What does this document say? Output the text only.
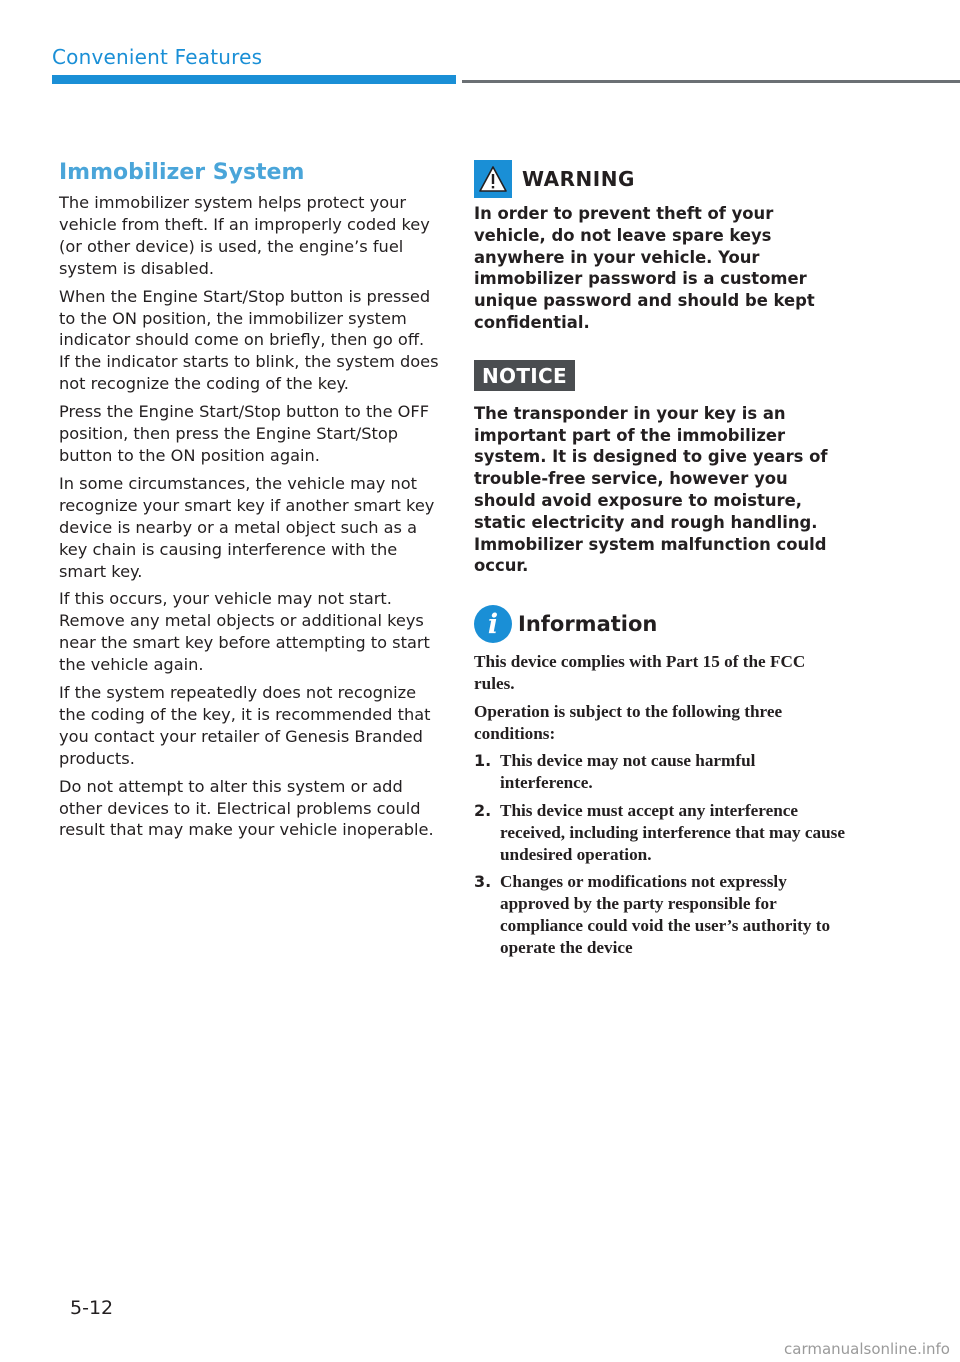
Convenient Features
Immobilizer System

The immobilizer system helps protect your vehicle from theft. If an improperly coded key (or other device) is used, the engine’s fuel system is disabled.

When the Engine Start/Stop button is pressed to the ON position, the immobilizer system indicator should come on briefly, then go off. If the indicator starts to blink, the system does not recognize the coding of the key.

Press the Engine Start/Stop button to the OFF position, then press the Engine Start/Stop button to the ON position again.

In some circumstances, the vehicle may not recognize your smart key if another smart key device is nearby or a metal object such as a key chain is causing interference with the smart key.

If this occurs, your vehicle may not start. Remove any metal objects or additional keys near the smart key before attempting to start the vehicle again.

If the system repeatedly does not recognize the coding of the key, it is recommended that you contact your retailer of Genesis Branded products.

Do not attempt to alter this system or add other devices to it. Electrical problems could result that may make your vehicle inoperable.

WARNING

In order to prevent theft of your vehicle, do not leave spare keys anywhere in your vehicle. Your immobilizer password is a customer unique password and should be kept confidential.

NOTICE

The transponder in your key is an important part of the immobilizer system. It is designed to give years of trouble-free service, however you should avoid exposure to moisture, static electricity and rough handling. Immobilizer system malfunction could occur.

i Information

This device complies with Part 15 of the FCC rules.

Operation is subject to the following three conditions:

1. This device may not cause harmful interference.
2. This device must accept any interference received, including interference that may cause undesired operation.
3. Changes or modifications not expressly approved by the party responsible for compliance could void the user’s authority to operate the device
5-12
carmanualsonline.info
